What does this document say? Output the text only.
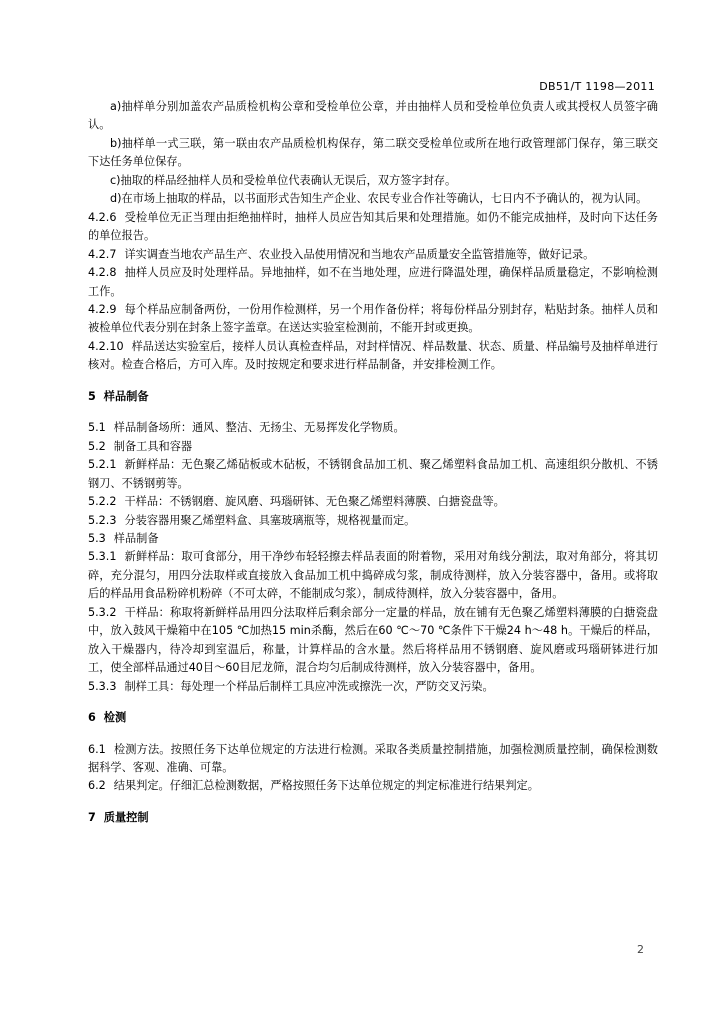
DB51/T 1198—2011

a)抽样单分别加盖农产品质检机构公章和受检单位公章，并由抽样人员和受检单位负责人或其授权人员签字确认。

b)抽样单一式三联，第一联由农产品质检机构保存，第二联交受检单位或所在地行政管理部门保存，第三联交下达任务单位保存。

c)抽取的样品经抽样人员和受检单位代表确认无误后，双方签字封存。

d)在市场上抽取的样品，以书面形式告知生产企业、农民专业合作社等确认，七日内不予确认的，视为认同。

4.2.6 受检单位无正当理由拒绝抽样时，抽样人员应告知其后果和处理措施。如仍不能完成抽样，及时向下达任务的单位报告。

4.2.7 详实调查当地农产品生产、农业投入品使用情况和当地农产品质量安全监管措施等，做好记录。

4.2.8 抽样人员应及时处理样品。异地抽样，如不在当地处理，应进行降温处理，确保样品质量稳定，不影响检测工作。

4.2.9 每个样品应制备两份，一份用作检测样，另一个用作备份样；将每份样品分别封存，粘贴封条。抽样人员和被检单位代表分别在封条上签字盖章。在送达实验室检测前，不能开封或更换。

4.2.10 样品送达实验室后，接样人员认真检查样品，对封样情况、样品数量、状态、质量、样品编号及抽样单进行核对。检查合格后，方可入库。及时按规定和要求进行样品制备，并安排检测工作。

5 样品制备

5.1 样品制备场所：通风、整洁、无扬尘、无易挥发化学物质。

5.2 制备工具和容器

5.2.1 新鲜样品：无色聚乙烯砧板或木砧板，不锈钢食品加工机、聚乙烯塑料食品加工机、高速组织分散机、不锈钢刀、不锈钢剪等。

5.2.2 干样品：不锈钢磨、旋风磨、玛瑙研钵、无色聚乙烯塑料薄膜、白搪瓷盘等。

5.2.3 分装容器用聚乙烯塑料盒、具塞玻璃瓶等，规格视量而定。

5.3 样品制备

5.3.1 新鲜样品：取可食部分，用干净纱布轻轻擦去样品表面的附着物，采用对角线分割法，取对角部分，将其切碎，充分混匀，用四分法取样或直接放入食品加工机中捣碎成匀浆，制成待测样，放入分装容器中，备用。或将取后的样品用食品粉碎机粉碎（不可太碎，不能制成匀浆），制成待测样，放入分装容器中，备用。

5.3.2 干样品：称取将新鲜样品用四分法取样后剩余部分一定量的样品，放在铺有无色聚乙烯塑料薄膜的白搪瓷盘中，放入鼓风干燥箱中在105 ℃加热15 min杀酶，然后在60 ℃～70 ℃条件下干燥24 h～48 h。干燥后的样品，放入干燥器内，待冷却到室温后，称量，计算样品的含水量。然后将样品用不锈钢磨、旋风磨或玛瑙研钵进行加工，使全部样品通过40目～60目尼龙筛，混合均匀后制成待测样，放入分装容器中，备用。

5.3.3 制样工具：每处理一个样品后制样工具应冲洗或擦洗一次，严防交叉污染。

6 检测

6.1 检测方法。按照任务下达单位规定的方法进行检测。采取各类质量控制措施，加强检测质量控制，确保检测数据科学、客观、准确、可靠。

6.2 结果判定。仔细汇总检测数据，严格按照任务下达单位规定的判定标准进行结果判定。

7 质量控制

2
